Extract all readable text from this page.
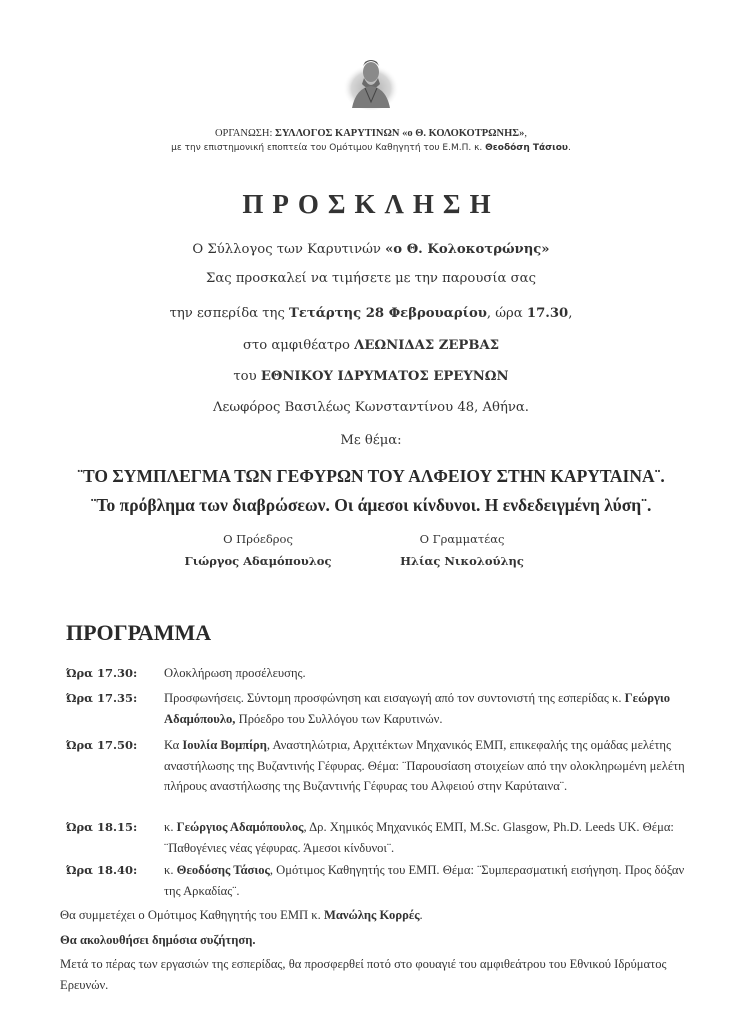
ΟΡΓΑΝΩΣΗ: ΣΥΛΛΟΓΟΣ ΚΑΡΥΤΙΝΩΝ «ο Θ. ΚΟΛΟΚΟΤΡΩΝΗΣ»,
με την επιστημονική εποπτεία του Ομότιμου Καθηγητή του Ε.Μ.Π. κ. Θεοδόση Τάσιου.
ΠΡΟΣΚΛΗΣΗ
Ο Σύλλογος των Καρυτινών «ο Θ. Κολοκοτρώνης»
Σας προσκαλεί να τιμήσετε με την παρουσία σας
την εσπερίδα της Τετάρτης 28 Φεβρουαρίου, ώρα 17.30,
στο αμφιθέατρο ΛΕΩΝΙΔΑΣ ΖΕΡΒΑΣ
του ΕΘΝΙΚΟΥ ΙΔΡΥΜΑΤΟΣ ΕΡΕΥΝΩΝ
Λεωφόρος Βασιλέως Κωνσταντίνου 48, Αθήνα.
Με θέμα:
¨ΤΟ ΣΥΜΠΛΕΓΜΑ ΤΩΝ ΓΕΦΥΡΩΝ ΤΟΥ ΑΛΦΕΙΟΥ ΣΤΗΝ ΚΑΡΥΤΑΙΝΑ¨.
¨Το πρόβλημα των διαβρώσεων. Οι άμεσοι κίνδυνοι. Η ενδεδειγμένη λύση¨.
Ο Πρόεδρος
Γιώργος Αδαμόπουλος
Ο Γραμματέας
Ηλίας Νικολούλης
ΠΡΟΓΡΑΜΜΑ
Ώρα 17.30: Ολοκλήρωση προσέλευσης.
Ώρα 17.35: Προσφωνήσεις. Σύντομη προσφώνηση και εισαγωγή από τον συντονιστή της εσπερίδας κ. Γεώργιο Αδαμόπουλο, Πρόεδρο του Συλλόγου των Καρυτινών.
Ώρα 17.50: Κα Ιουλία Βομπίρη, Αναστηλώτρια, Αρχιτέκτων Μηχανικός ΕΜΠ, επικεφαλής της ομάδας μελέτης αναστήλωσης της Βυζαντινής Γέφυρας. Θέμα: ¨Παρουσίαση στοιχείων από την ολοκληρωμένη μελέτη πλήρους αναστήλωσης της Βυζαντινής Γέφυρας του Αλφειού στην Καρύταινα¨.
Ώρα 18.15: κ. Γεώργιος Αδαμόπουλος, Δρ. Χημικός Μηχανικός ΕΜΠ, M.Sc. Glasgow, Ph.D. Leeds UK. Θέμα: ¨Παθογένιες νέας γέφυρας. Άμεσοι κίνδυνοι¨.
Ώρα 18.40: κ. Θεοδόσης Τάσιος, Ομότιμος Καθηγητής του ΕΜΠ. Θέμα: ¨Συμπερασματική εισήγηση. Προς δόξαν της Αρκαδίας¨.
Θα συμμετέχει ο Ομότιμος Καθηγητής του ΕΜΠ κ. Μανώλης Κορρές.
Θα ακολουθήσει δημόσια συζήτηση.
Μετά το πέρας των εργασιών της εσπερίδας, θα προσφερθεί ποτό στο φουαγιέ του αμφιθεάτρου του Εθνικού Ιδρύματος Ερευνών.
